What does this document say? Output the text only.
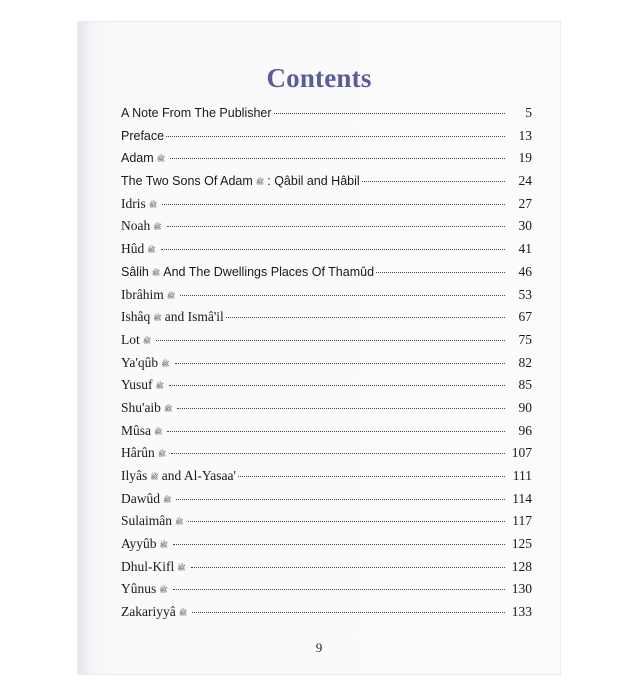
Contents
A Note From The Publisher	5
Preface	13
Adam ﷺ	19
The Two Sons Of Adam ﷺ : Qâbil and Hâbil	24
Idris ﷺ	27
Noah ﷺ	30
Hûd ﷺ	41
Sâlih ﷺ And The Dwellings Places Of Thamûd	46
Ibrâhim ﷺ	53
Ishâq ﷺ and Ismâ'il	67
Lot ﷺ	75
Ya'qûb ﷺ	82
Yusuf ﷺ	85
Shu'aib ﷺ	90
Mûsa ﷺ	96
Hârûn ﷺ	107
Ilyâs ﷺ and Al-Yasaa'	111
Dawûd ﷺ	114
Sulaimân ﷺ	117
Ayyûb ﷺ	125
Dhul-Kifl ﷺ	128
Yûnus ﷺ	130
Zakariyyâ ﷺ	133
9
